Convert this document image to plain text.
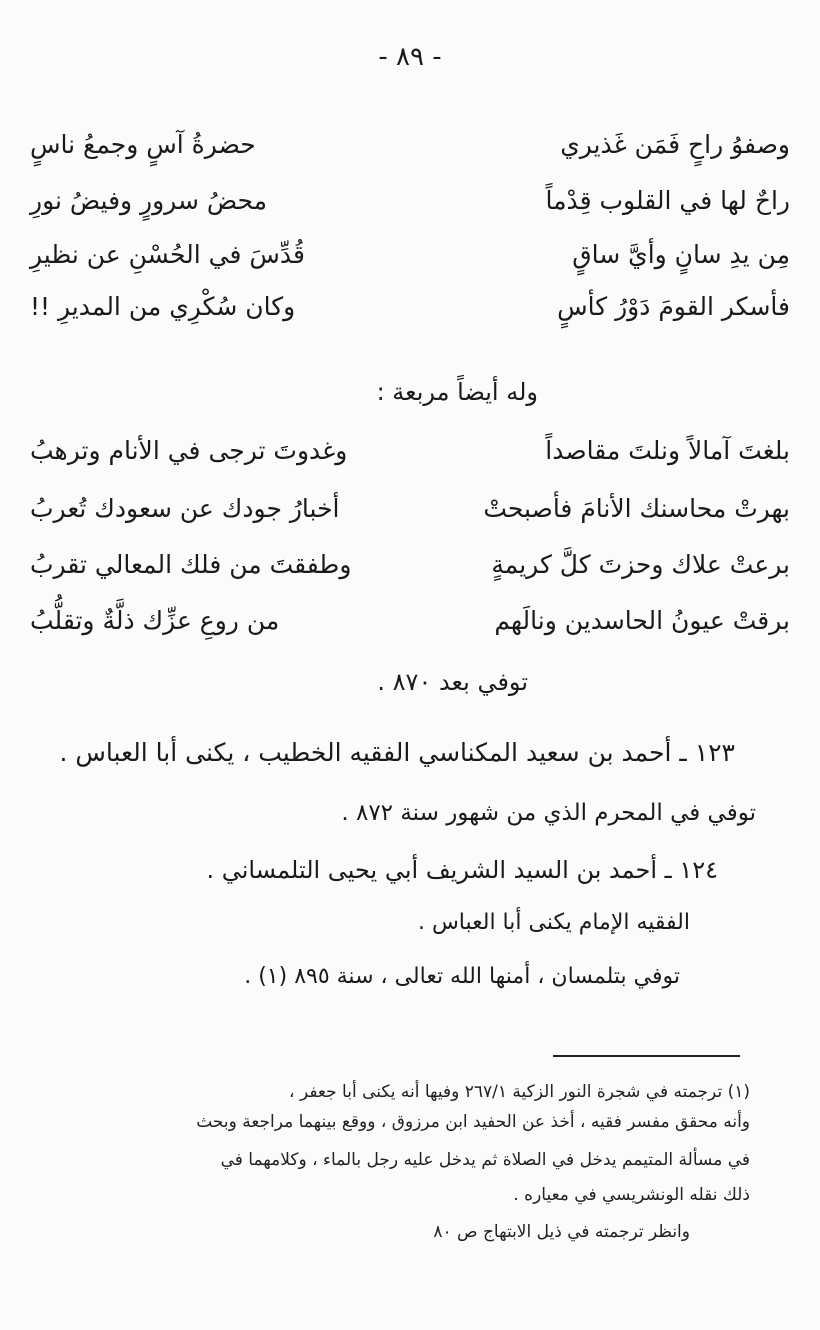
- ٨٩ -
وصفوُ راحٍ فَمَن غَذيري
حضرةُ آسٍ وجمعُ ناسٍ
راحٌ لها في القلوب قِدْماً
محضُ سرورٍ وفيضُ نورِ
مِن يدِ سانٍ وأيَّ ساقٍ
قُدِّسَ في الحُسْنِ عن نظيرِ
فأسكر القومَ دَوْرُ كأسٍ
وكان سُكْرِي من المديرِ !!
وله أيضاً مربعة :
بلغتَ آمالاً ونلتَ مقاصداً
وغدوتَ ترجى في الأنام وترهبُ
بهرتْ محاسنك الأنامَ فأصبحتْ
أخبارُ جودك عن سعودك تُعربُ
برعتْ علاك وحزتَ كلَّ كريمةٍ
وطفقتَ من فلك المعالي تقربُ
برقتْ عيونُ الحاسدين ونالَهم
من روعِ عزِّك ذلَّةٌ وتقلُّبُ
توفي بعد ٨٧٠ .
١٢٣ ـ أحمد بن سعيد المكناسي الفقيه الخطيب ، يكنى أبا العباس .
توفي في المحرم الذي من شهور سنة ٨٧٢ .
١٢٤ ـ أحمد بن السيد الشريف أبي يحيى التلمساني .
الفقيه الإمام يكنى أبا العباس .
توفي بتلمسان ، أمنها الله تعالى ، سنة ٨٩٥ (١) .
(١) ترجمته في شجرة النور الزكية ٢٦٧/١ وفيها أنه يكنى أبا جعفر ،
وأنه محقق مفسر فقيه ، أخذ عن الحفيد ابن مرزوق ، ووقع بينهما مراجعة وبحث
في مسألة المتيمم يدخل في الصلاة ثم يدخل عليه رجل بالماء ، وكلامهما في
ذلك نقله الونشريسي في معياره .
وانظر ترجمته في ذيل الابتهاج ص ٨٠
